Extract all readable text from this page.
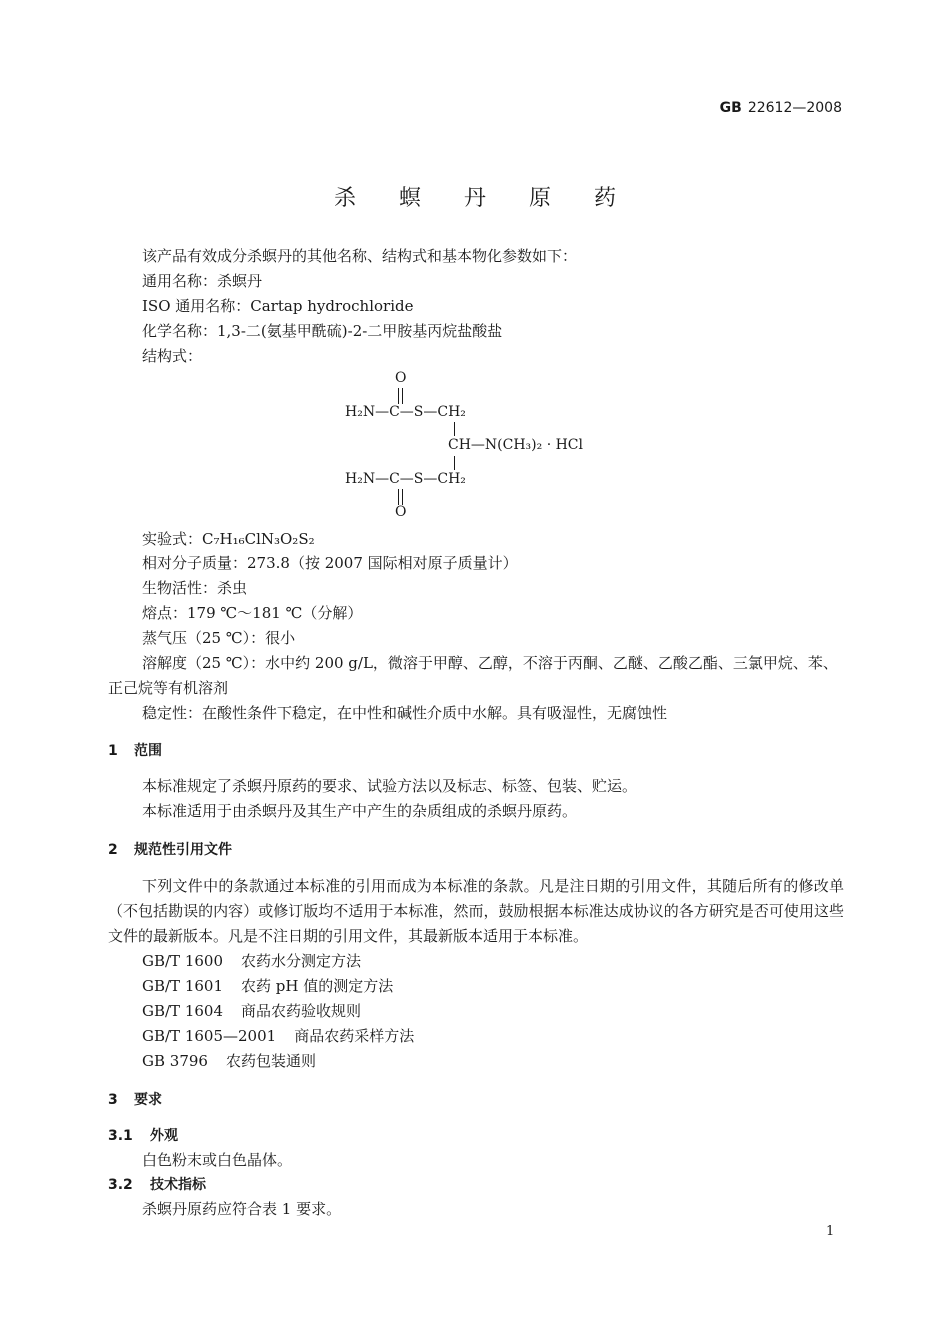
GB 22612—2008
杀 螟 丹 原 药
该产品有效成分杀螟丹的其他名称、结构式和基本物化参数如下：
通用名称：杀螟丹
ISO 通用名称：Cartap hydrochloride
化学名称：1,3-二(氨基甲酰硫)-2-二甲胺基丙烷盐酸盐
结构式：
O
H₂N—C—S—CH₂
CH—N(CH₃)₂ · HCl
H₂N—C—S—CH₂
O
实验式：C₇H₁₆ClN₃O₂S₂
相对分子质量：273.8（按 2007 国际相对原子质量计）
生物活性：杀虫
熔点：179 ℃～181 ℃（分解）
蒸气压（25 ℃）：很小
溶解度（25 ℃）：水中约 200 g/L，微溶于甲醇、乙醇，不溶于丙酮、乙醚、乙酸乙酯、三氯甲烷、苯、正己烷等有机溶剂
稳定性：在酸性条件下稳定，在中性和碱性介质中水解。具有吸湿性，无腐蚀性
1 范围
本标准规定了杀螟丹原药的要求、试验方法以及标志、标签、包装、贮运。
本标准适用于由杀螟丹及其生产中产生的杂质组成的杀螟丹原药。
2 规范性引用文件
下列文件中的条款通过本标准的引用而成为本标准的条款。凡是注日期的引用文件，其随后所有的修改单（不包括勘误的内容）或修订版均不适用于本标准，然而，鼓励根据本标准达成协议的各方研究是否可使用这些文件的最新版本。凡是不注日期的引用文件，其最新版本适用于本标准。
GB/T 1600 农药水分测定方法
GB/T 1601 农药 pH 值的测定方法
GB/T 1604 商品农药验收规则
GB/T 1605—2001 商品农药采样方法
GB 3796 农药包装通则
3 要求
3.1 外观
白色粉末或白色晶体。
3.2 技术指标
杀螟丹原药应符合表 1 要求。
1
